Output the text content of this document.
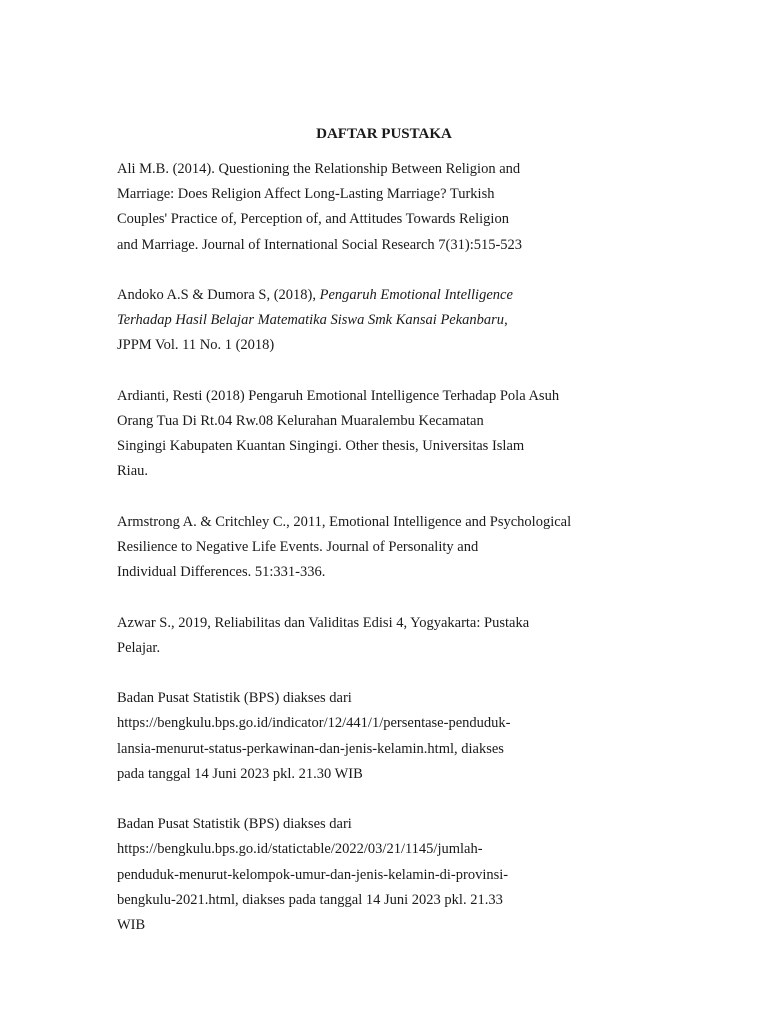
DAFTAR PUSTAKA
Ali M.B. (2014). Questioning the Relationship Between Religion and
Marriage: Does Religion Affect Long-Lasting Marriage? Turkish
Couples' Practice of, Perception of, and Attitudes Towards Religion
and Marriage. Journal of International Social Research 7(31):515-523
Andoko A.S & Dumora S, (2018), Pengaruh Emotional Intelligence
Terhadap Hasil Belajar Matematika Siswa Smk Kansai Pekanbaru,
JPPM Vol. 11 No. 1 (2018)
Ardianti, Resti (2018) Pengaruh Emotional Intelligence Terhadap Pola Asuh
Orang Tua Di Rt.04 Rw.08 Kelurahan Muaralembu Kecamatan
Singingi Kabupaten Kuantan Singingi. Other thesis, Universitas Islam
Riau.
Armstrong A. & Critchley C., 2011, Emotional Intelligence and Psychological
Resilience to Negative Life Events. Journal of Personality and
Individual Differences. 51:331-336.
Azwar S., 2019, Reliabilitas dan Validitas Edisi 4, Yogyakarta: Pustaka
Pelajar.
Badan Pusat Statistik (BPS) diakses dari
https://bengkulu.bps.go.id/indicator/12/441/1/persentase-penduduk-
lansia-menurut-status-perkawinan-dan-jenis-kelamin.html, diakses
pada tanggal 14 Juni 2023 pkl. 21.30 WIB
Badan Pusat Statistik (BPS) diakses dari
https://bengkulu.bps.go.id/statictable/2022/03/21/1145/jumlah-
penduduk-menurut-kelompok-umur-dan-jenis-kelamin-di-provinsi-
bengkulu-2021.html, diakses pada tanggal 14 Juni 2023 pkl. 21.33
WIB
